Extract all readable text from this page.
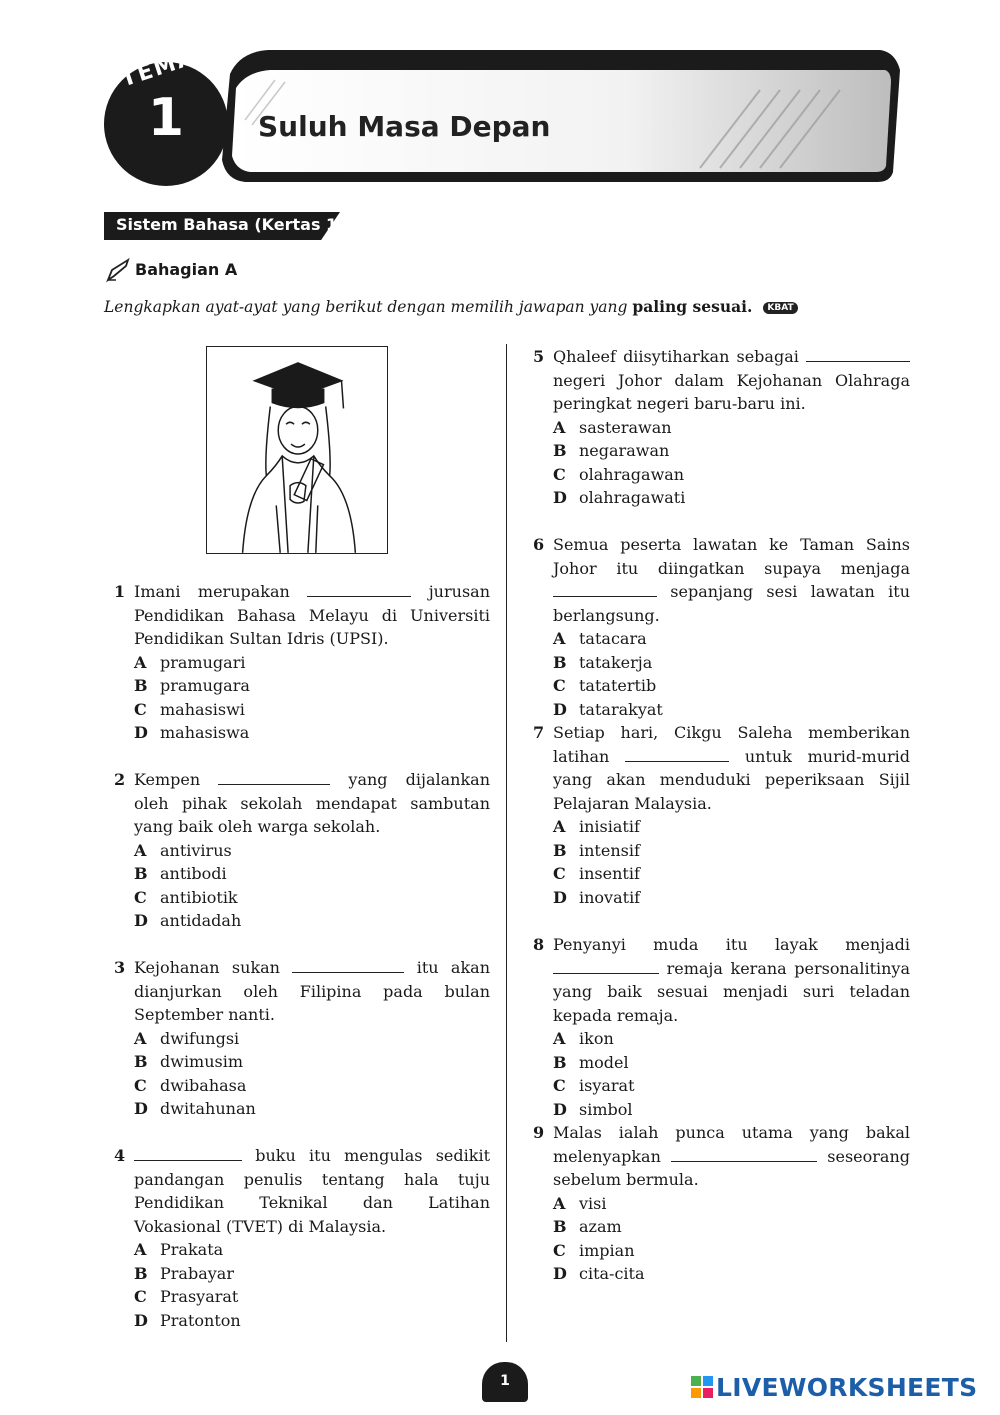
TEMA
1	Suluh Masa Depan
Sistem Bahasa (Kertas 1)
Bahagian A
Lengkapkan ayat-ayat yang berikut dengan memilih jawapan yang paling sesuai. KBAT
1 Imani merupakan	jurusan Pendidikan Bahasa Melayu di Universiti Pendidikan Sultan Idris (UPSI).
A pramugari
B pramugara
C mahasiswi
D mahasiswa
2 Kempen	yang dijalankan oleh pihak sekolah mendapat sambutan yang baik oleh warga sekolah.
A antivirus
B antibodi
C antibiotik
D antidadah
3 Kejohanan sukan	itu akan dianjurkan oleh Filipina pada bulan September nanti.
A dwifungsi
B dwimusim
C dwibahasa
D dwitahunan
4	buku itu mengulas sedikit pandangan penulis tentang hala tuju Pendidikan Teknikal dan Latihan Vokasional (TVET) di Malaysia.
A Prakata
B Prabayar
C Prasyarat
D Pratonton
5 Qhaleef diisytiharkan sebagai  negeri Johor dalam Kejohanan Olahraga peringkat negeri baru-baru ini.
A sasterawan
B negarawan
C olahragawan
D olahragawati
6 Semua peserta lawatan ke Taman Sains Johor itu diingatkan supaya menjaga  sepanjang sesi lawatan itu berlangsung.
A tatacara
B tatakerja
C tatatertib
D tatarakyat
7 Setiap hari, Cikgu Saleha memberikan latihan	untuk murid-murid yang akan menduduki peperiksaan Sijil Pelajaran Malaysia.
A inisiatif
B intensif
C insentif
D inovatif
8 Penyanyi muda itu layak menjadi  remaja kerana personalitinya yang baik sesuai menjadi suri teladan kepada remaja.
A ikon
B model
C isyarat
D simbol
9 Malas ialah punca utama yang bakal melenyapkan	seseorang sebelum bermula.
A visi
B azam
C impian
D cita-cita
1	LIVEWORKSHEETS
